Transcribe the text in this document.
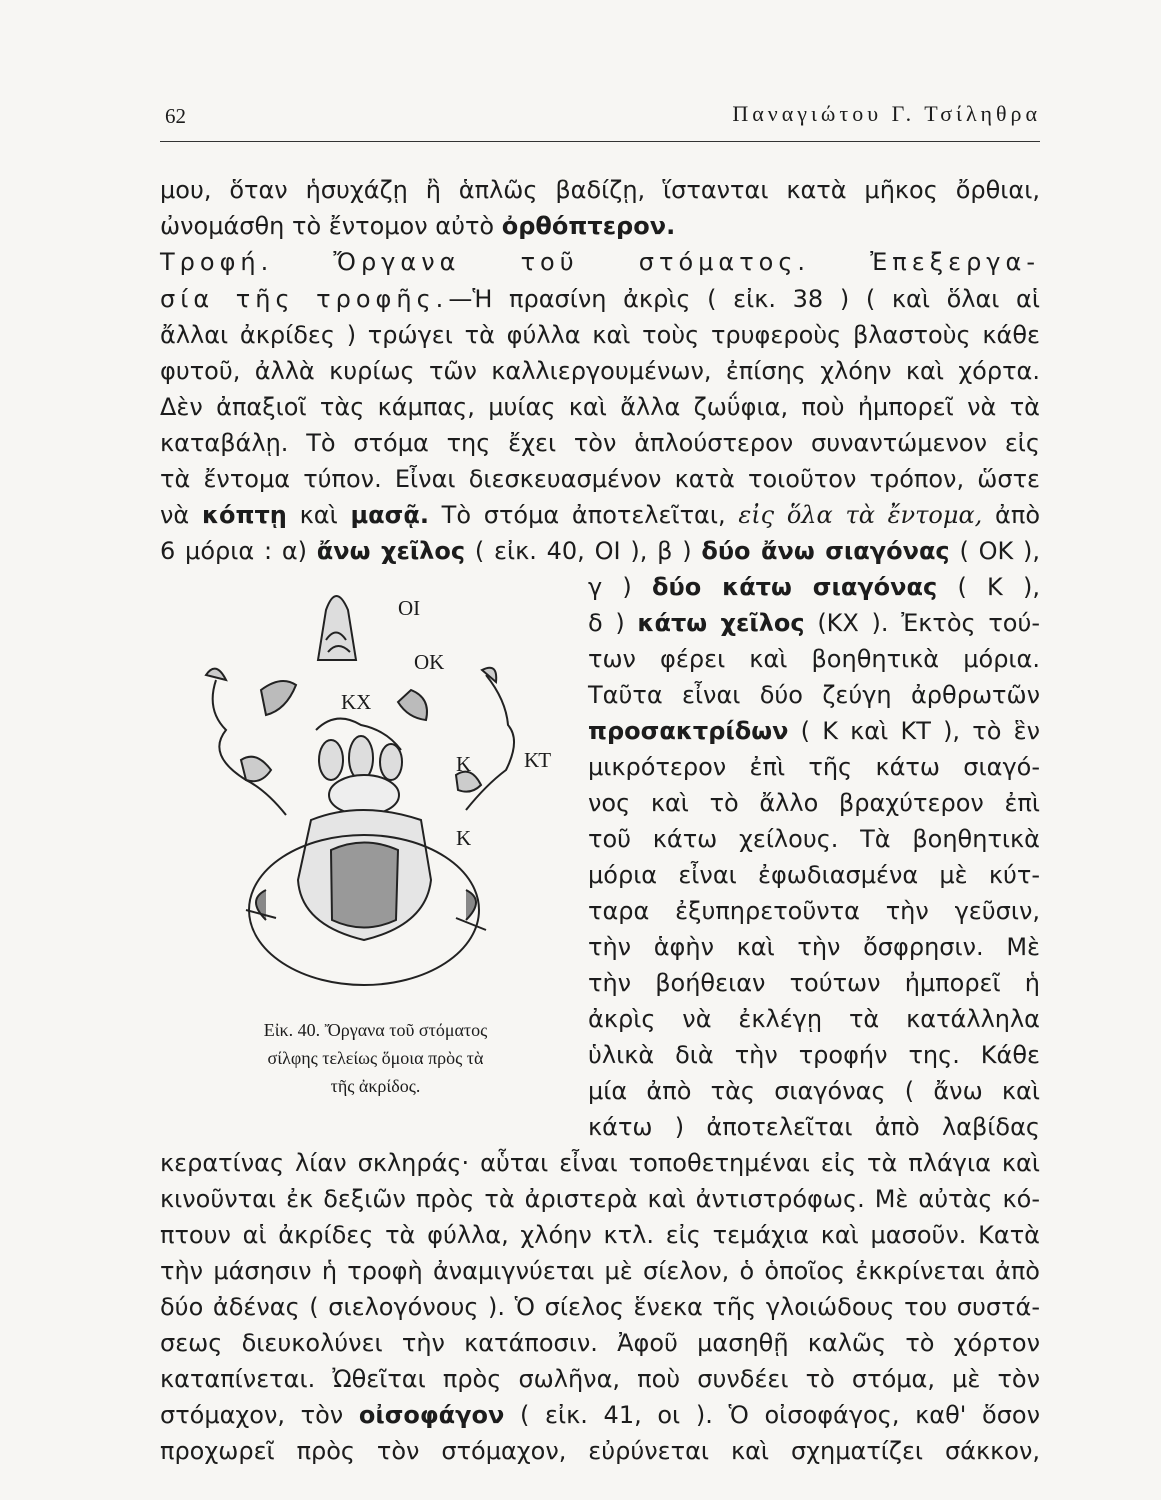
62	Παναγιώτου Γ. Τσίληθρα
μου, ὅταν ἡσυχάζῃ ἢ ἁπλῶς βαδίζῃ, ἵστανται κατὰ μῆκος ὄρθιαι,
ὠνομάσθη τὸ ἔντομον αὐτὸ ὀρθόπτερον.
Τροφή. Ὄργανα τοῦ στόματος. Ἐπεξεργα-
σία τῆς τροφῆς.—Ἡ πρασίνη ἀκρὶς ( εἰκ. 38 ) ( καὶ ὅλαι αἱ
ἄλλαι ἀκρίδες ) τρώγει τὰ φύλλα καὶ τοὺς τρυφεροὺς βλαστοὺς κάθε
φυτοῦ, ἀλλὰ κυρίως τῶν καλλιεργουμένων, ἐπίσης χλόην καὶ χόρτα.
Δὲν ἀπαξιοῖ τὰς κάμπας, μυίας καὶ ἄλλα ζωΰφια, ποὺ ἠμπορεῖ νὰ τὰ
καταβάλῃ. Τὸ στόμα της ἔχει τὸν ἁπλούστερον συναντώμενον εἰς
τὰ ἔντομα τύπον. Εἶναι διεσκευασμένον κατὰ τοιοῦτον τρόπον, ὥστε
νὰ κόπτῃ καὶ μασᾷ. Τὸ στόμα ἀποτελεῖται, εἰς ὅλα τὰ ἔντομα, ἀπὸ
6 μόρια : α) ἄνω χεῖλος ( εἰκ. 40, ΟΙ ), β ) δύο ἄνω σιαγόνας ( ΟΚ ),
γ ) δύο κάτω σιαγόνας ( Κ ),
δ ) κάτω χεῖλος (ΚΧ ). Ἐκτὸς τού-
των φέρει καὶ βοηθητικὰ μόρια.
Ταῦτα εἶναι δύο ζεύγη ἀρθρωτῶν
προσακτρίδων ( Κ καὶ ΚΤ ), τὸ ἓν
μικρότερον ἐπὶ τῆς κάτω σιαγό-
νος καὶ τὸ ἄλλο βραχύτερον ἐπὶ
τοῦ κάτω χείλους. Τὰ βοηθητικὰ
μόρια εἶναι ἐφωδιασμένα μὲ κύτ-
ταρα ἐξυπηρετοῦντα τὴν γεῦσιν,
τὴν ἁφὴν καὶ τὴν ὄσφρησιν. Μὲ
τὴν βοήθειαν τούτων ἠμπορεῖ ἡ
ἀκρὶς νὰ ἐκλέγῃ τὰ κατάλληλα
ὑλικὰ διὰ τὴν τροφήν της. Κάθε
μία ἀπὸ τὰς σιαγόνας ( ἄνω καὶ
κάτω ) ἀποτελεῖται ἀπὸ λαβίδας
ΟΙ
ΟΚ
ΚΧ
Κ	ΚΤ
Κ
Εἰκ. 40. Ὄργανα τοῦ στόματος
σίλφης τελείως ὅμοια πρὸς τὰ
τῆς ἀκρίδος.
κερατίνας λίαν σκληράς· αὗται εἶναι τοποθετημέναι εἰς τὰ πλάγια καὶ
κινοῦνται ἐκ δεξιῶν πρὸς τὰ ἀριστερὰ καὶ ἀντιστρόφως. Μὲ αὐτὰς κό-
πτουν αἱ ἀκρίδες τὰ φύλλα, χλόην κτλ. εἰς τεμάχια καὶ μασοῦν. Κατὰ
τὴν μάσησιν ἡ τροφὴ ἀναμιγνύεται μὲ σίελον, ὁ ὁποῖος ἐκκρίνεται ἀπὸ
δύο ἀδένας ( σιελογόνους ). Ὁ σίελος ἕνεκα τῆς γλοιώδους του συστά-
σεως διευκολύνει τὴν κατάποσιν. Ἀφοῦ μασηθῇ καλῶς τὸ χόρτον
καταπίνεται. Ὠθεῖται πρὸς σωλῆνα, ποὺ συνδέει τὸ στόμα, μὲ τὸν
στόμαχον, τὸν οἰσοφάγον ( εἰκ. 41, οι ). Ὁ οἰσοφάγος, καθ' ὅσον
προχωρεῖ πρὸς τὸν στόμαχον, εὐρύνεται καὶ σχηματίζει σάκκον,
